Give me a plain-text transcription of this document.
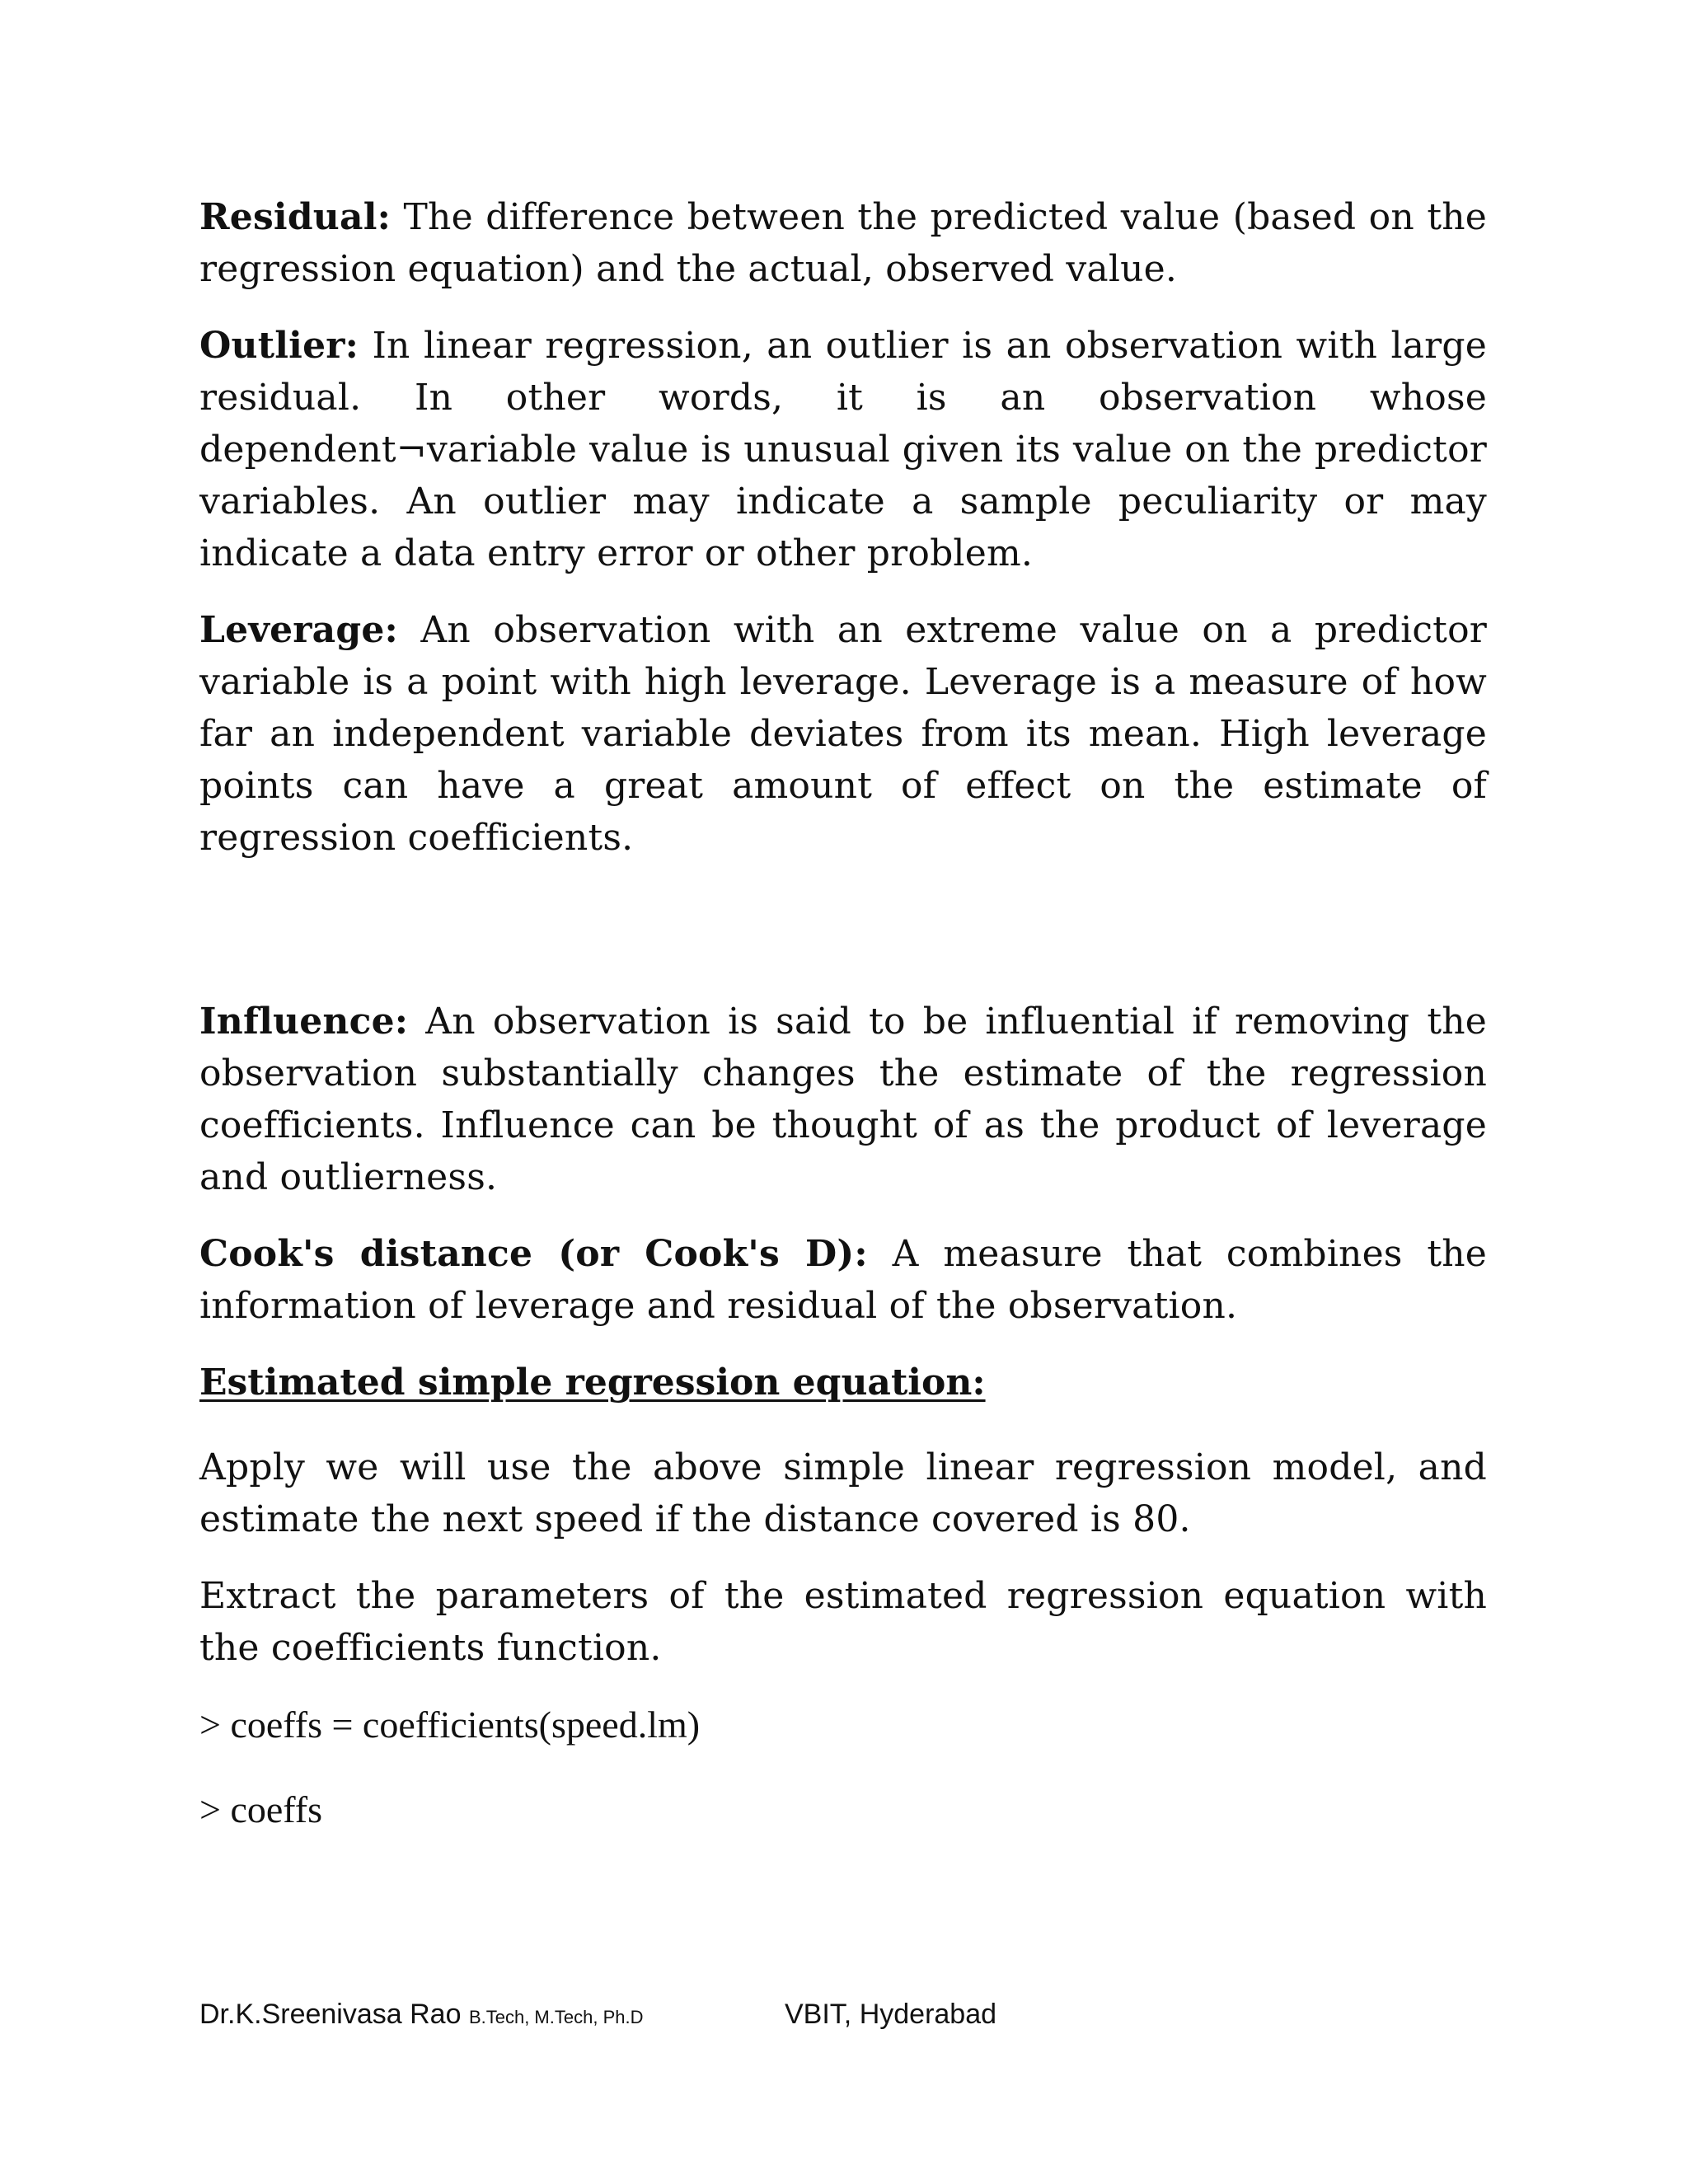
Residual: The difference between the predicted value (based on the regression equation) and the actual, observed value.

Outlier: In linear regression, an outlier is an observation with large residual. In other words, it is an observation whose dependent¬variable value is unusual given its value on the predictor variables. An outlier may indicate a sample peculiarity or may indicate a data entry error or other problem.

Leverage: An observation with an extreme value on a predictor variable is a point with high leverage. Leverage is a measure of how far an independent variable deviates from its mean. High leverage points can have a great amount of effect on the estimate of regression coefficients.

Influence: An observation is said to be influential if removing the observation substantially changes the estimate of the regression coefficients. Influence can be thought of as the product of leverage and outlierness.

Cook's distance (or Cook's D): A measure that combines the information of leverage and residual of the observation.

Estimated simple regression equation:

Apply we will use the above simple linear regression model, and estimate the next speed if the distance covered is 80.

Extract the parameters of the estimated regression equation with the coefficients function.

> coeffs = coefficients(speed.lm)

> coeffs

Dr.K.Sreenivasa Rao B.Tech, M.Tech, Ph.D	VBIT, Hyderabad
